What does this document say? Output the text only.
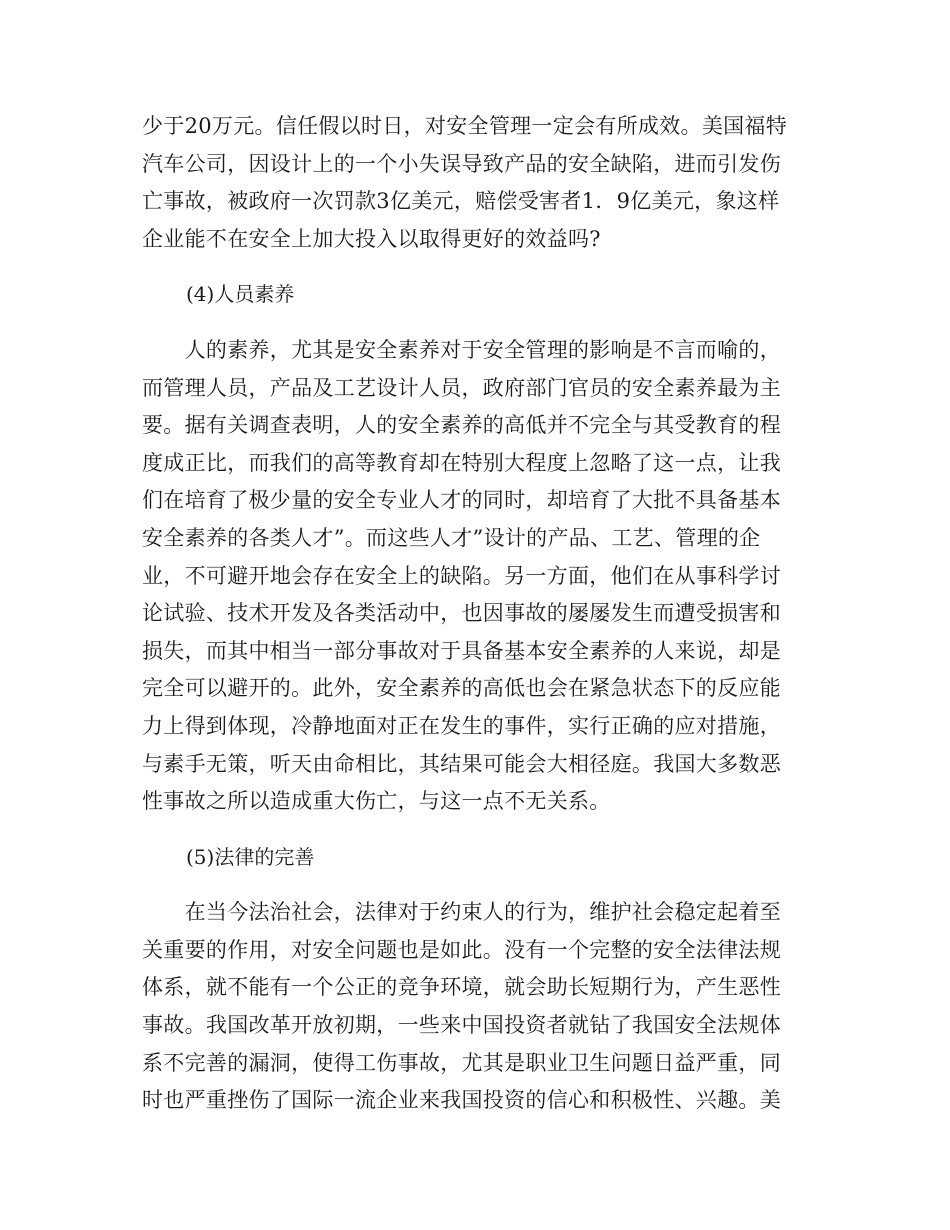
少于20万元。信任假以时日，对安全管理一定会有所成效。美国福特
汽车公司，因设计上的一个小失误导致产品的安全缺陷，进而引发伤
亡事故，被政府一次罚款3亿美元，赔偿受害者1．9亿美元，象这样
企业能不在安全上加大投入以取得更好的效益吗?

(4)人员素养

　　人的素养，尤其是安全素养对于安全管理的影响是不言而喻的，
而管理人员，产品及工艺设计人员，政府部门官员的安全素养最为主
要。据有关调查表明，人的安全素养的高低并不完全与其受教育的程
度成正比，而我们的高等教育却在特别大程度上忽略了这一点，让我
们在培育了极少量的安全专业人才的同时，却培育了大批不具备基本
安全素养的各类人才”。而这些人才”设计的产品、工艺、管理的企
业，不可避开地会存在安全上的缺陷。另一方面，他们在从事科学讨
论试验、技术开发及各类活动中，也因事故的屡屡发生而遭受损害和
损失，而其中相当一部分事故对于具备基本安全素养的人来说，却是
完全可以避开的。此外，安全素养的高低也会在紧急状态下的反应能
力上得到体现，冷静地面对正在发生的事件，实行正确的应对措施，
与素手无策，听天由命相比，其结果可能会大相径庭。我国大多数恶
性事故之所以造成重大伤亡，与这一点不无关系。

(5)法律的完善

　　在当今法治社会，法律对于约束人的行为，维护社会稳定起着至
关重要的作用，对安全问题也是如此。没有一个完整的安全法律法规
体系，就不能有一个公正的竞争环境，就会助长短期行为，产生恶性
事故。我国改革开放初期，一些来中国投资者就钻了我国安全法规体
系不完善的漏洞，使得工伤事故，尤其是职业卫生问题日益严重，同
时也严重挫伤了国际一流企业来我国投资的信心和积极性、兴趣。美
